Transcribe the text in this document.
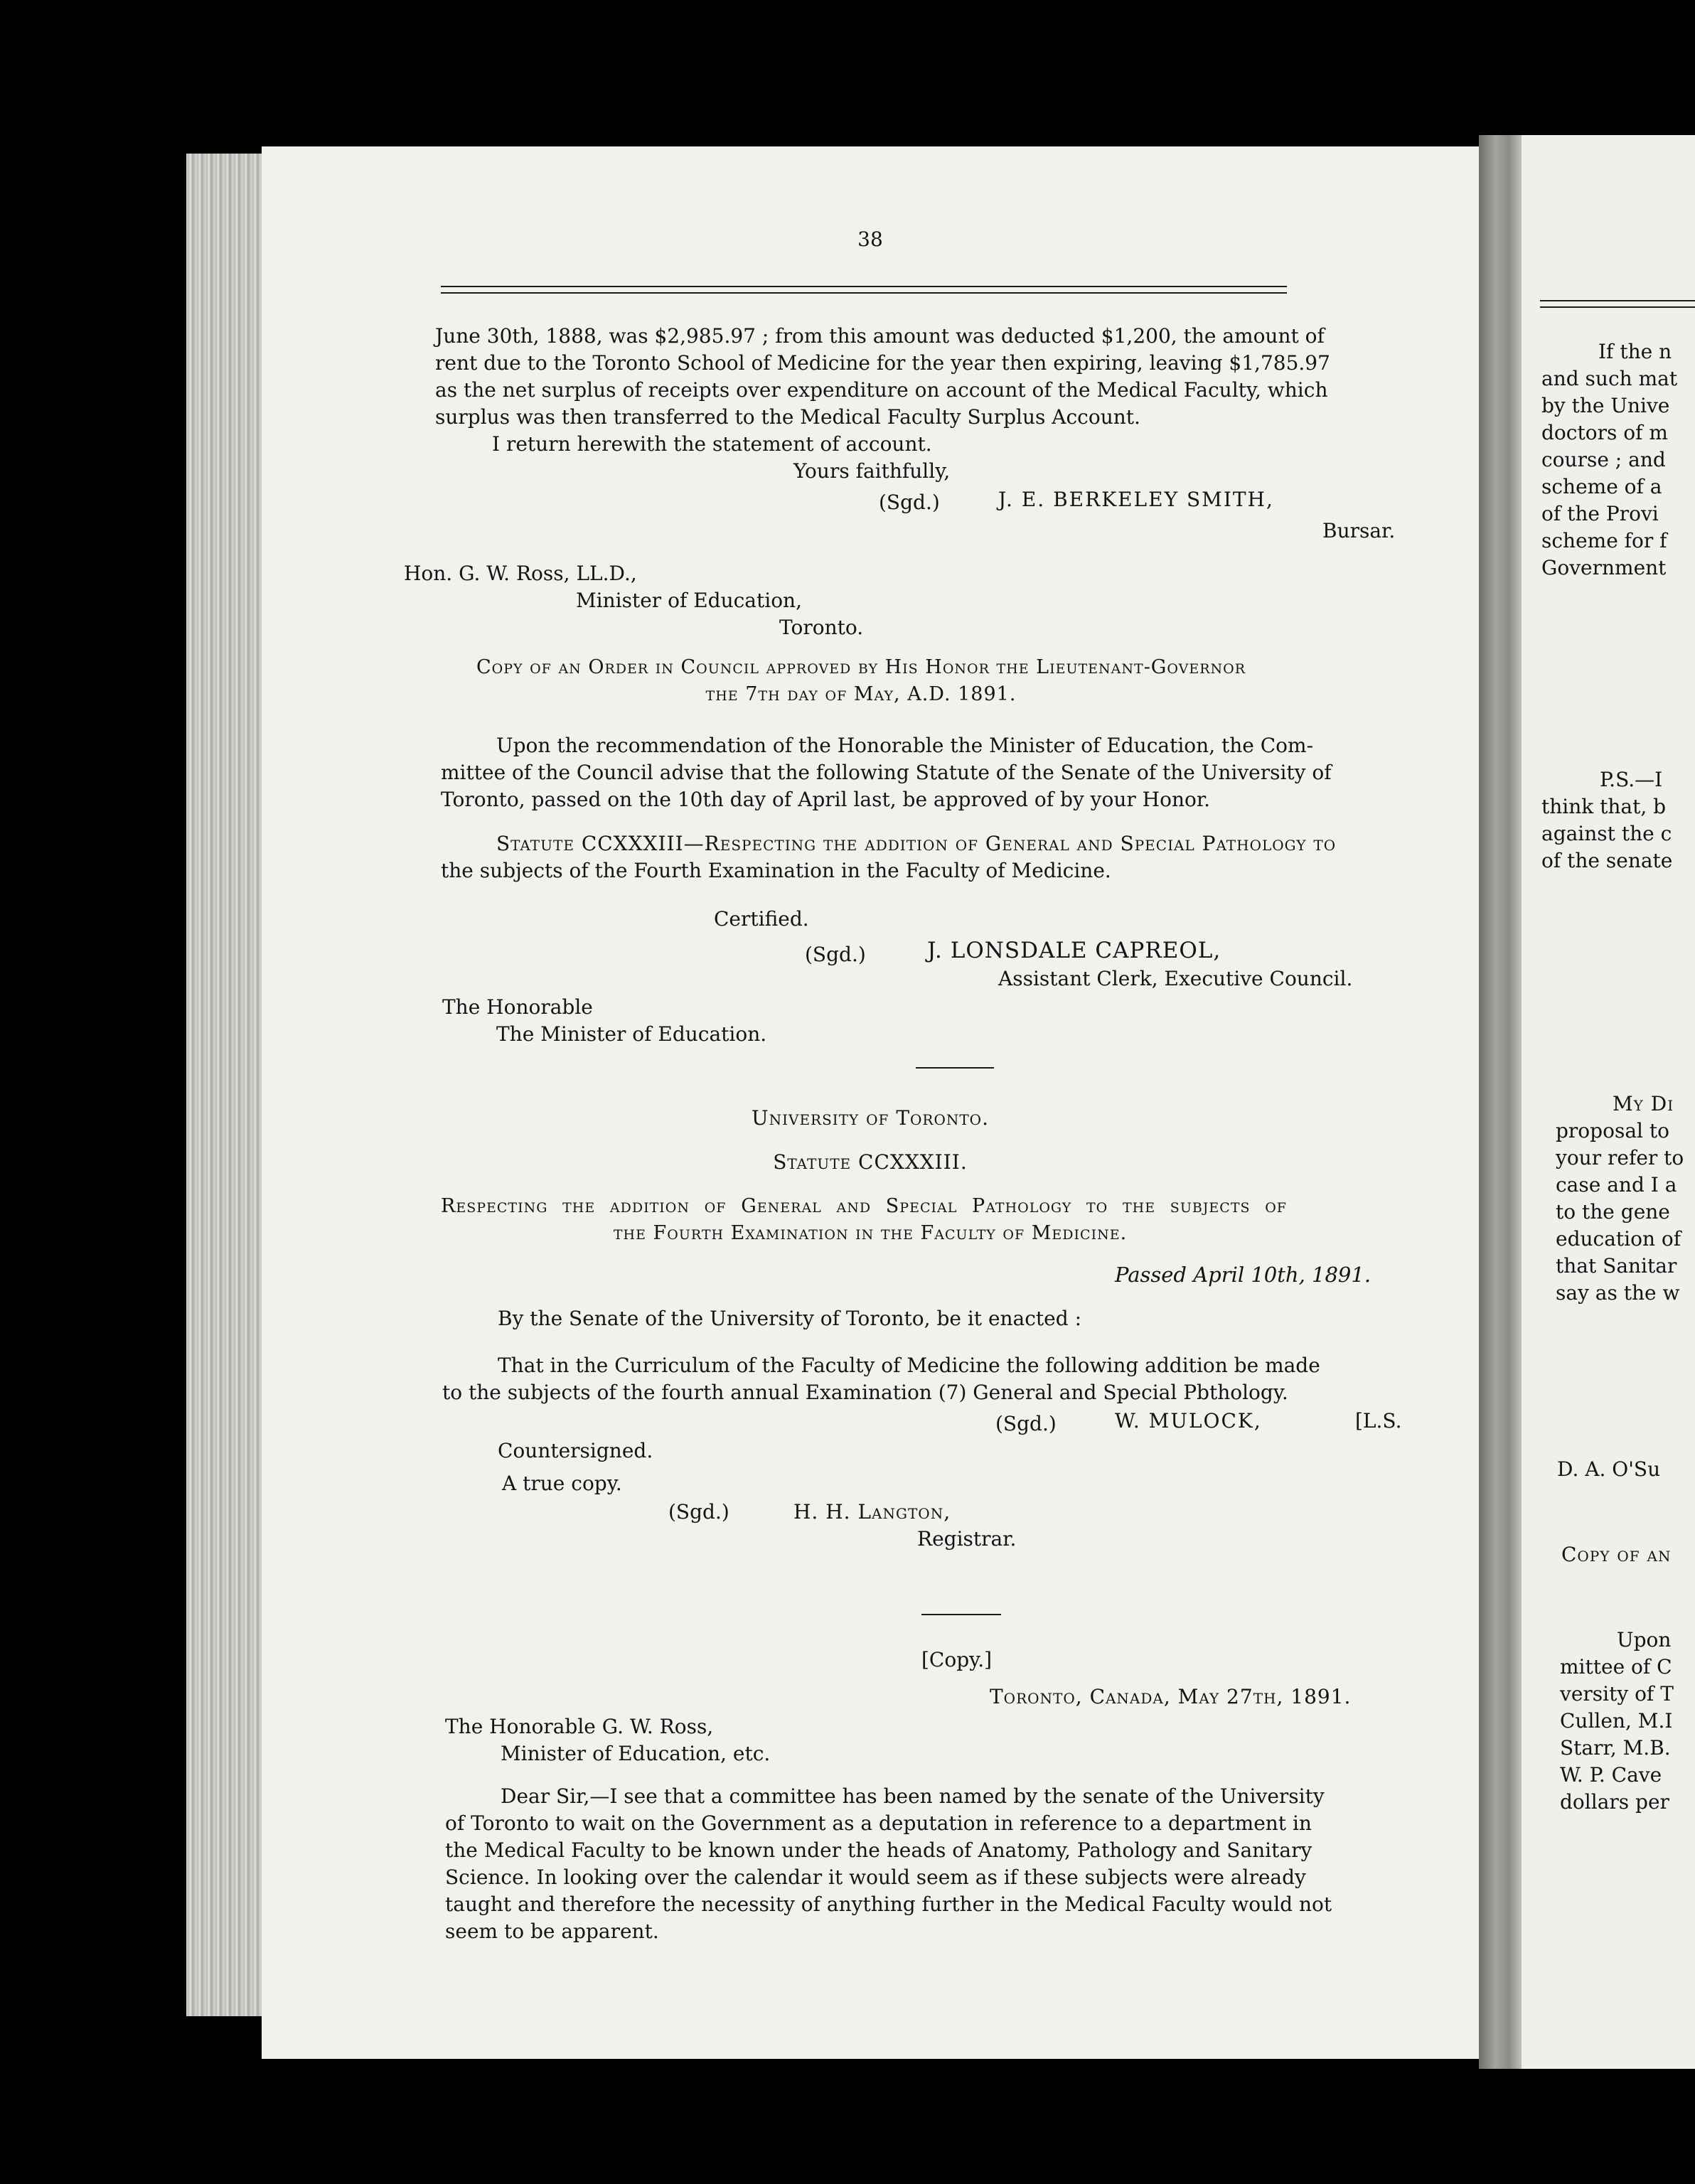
38
June 30th, 1888, was $2,985.97 ; from this amount was deducted $1,200, the amount of
rent due to the Toronto School of Medicine for the year then expiring, leaving $1,785.97
as the net surplus of receipts over expenditure on account of the Medical Faculty, which
surplus was then transferred to the Medical Faculty Surplus Account.
I return herewith the statement of account.
Yours faithfully,
(Sgd.)	J. E. BERKELEY SMITH,
Bursar.
Hon. G. W. Ross, LL.D.,
Minister of Education,
Toronto.
Copy of an Order in Council approved by His Honor the Lieutenant-Governor
the 7th day of May, A.D. 1891.
Upon the recommendation of the Honorable the Minister of Education, the Com-
mittee of the Council advise that the following Statute of the Senate of the University of
Toronto, passed on the 10th day of April last, be approved of by your Honor.
Statute CCXXXIII—Respecting the addition of General and Special Pathology to
the subjects of the Fourth Examination in the Faculty of Medicine.
Certified.
(Sgd.)	J. LONSDALE CAPREOL,
Assistant Clerk, Executive Council.
The Honorable
The Minister of Education.
University of Toronto.
Statute CCXXXIII.
Respecting the addition of General and Special Pathology to the subjects of
the Fourth Examination in the Faculty of Medicine.
Passed April 10th, 1891.
By the Senate of the University of Toronto, be it enacted :
That in the Curriculum of the Faculty of Medicine the following addition be made
to the subjects of the fourth annual Examination (7) General and Special Pbthology.
(Sgd.)	W. MULOCK,	[L.S.
Countersigned.
A true copy.
(Sgd.)	H. H. Langton,
Registrar.
[Copy.]
Toronto, Canada, May 27th, 1891.
The Honorable G. W. Ross,
Minister of Education, etc.
Dear Sir,—I see that a committee has been named by the senate of the University
of Toronto to wait on the Government as a deputation in reference to a department in
the Medical Faculty to be known under the heads of Anatomy, Pathology and Sanitary
Science. In looking over the calendar it would seem as if these subjects were already
taught and therefore the necessity of anything further in the Medical Faculty would not
seem to be apparent.
If the n
and such mat
by the Unive
doctors of m
course ; and
scheme of a
of the Provi
scheme for f
Government
P.S.—I
think that, b
against the c
of the senate
My Di
proposal to
your refer to
case and I a
to the gene
education of
that Sanitar
say as the w
D. A. O'Su
Copy of an
Upon
mittee of C
versity of T
Cullen, M.I
Starr, M.B.
W. P. Cave
dollars per
